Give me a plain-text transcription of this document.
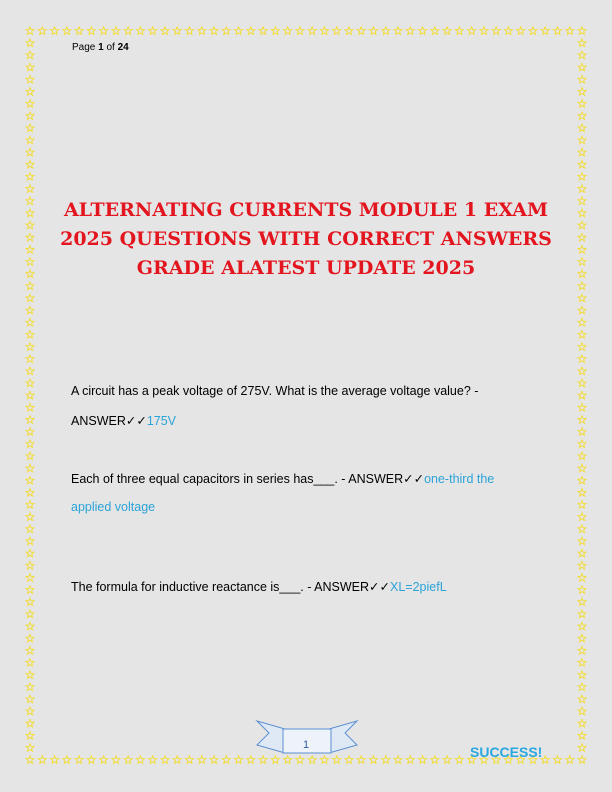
Page 1 of 24
ALTERNATING CURRENTS MODULE 1 EXAM
2025 QUESTIONS WITH CORRECT ANSWERS
GRADE ALATEST UPDATE 2025
A circuit has a peak voltage of 275V. What is the average voltage value? -
ANSWER✓✓175V
Each of three equal capacitors in series has___. - ANSWER✓✓one-third the
applied voltage
The formula for inductive reactance is___. - ANSWER✓✓XL=2piefL
1	SUCCESS!
